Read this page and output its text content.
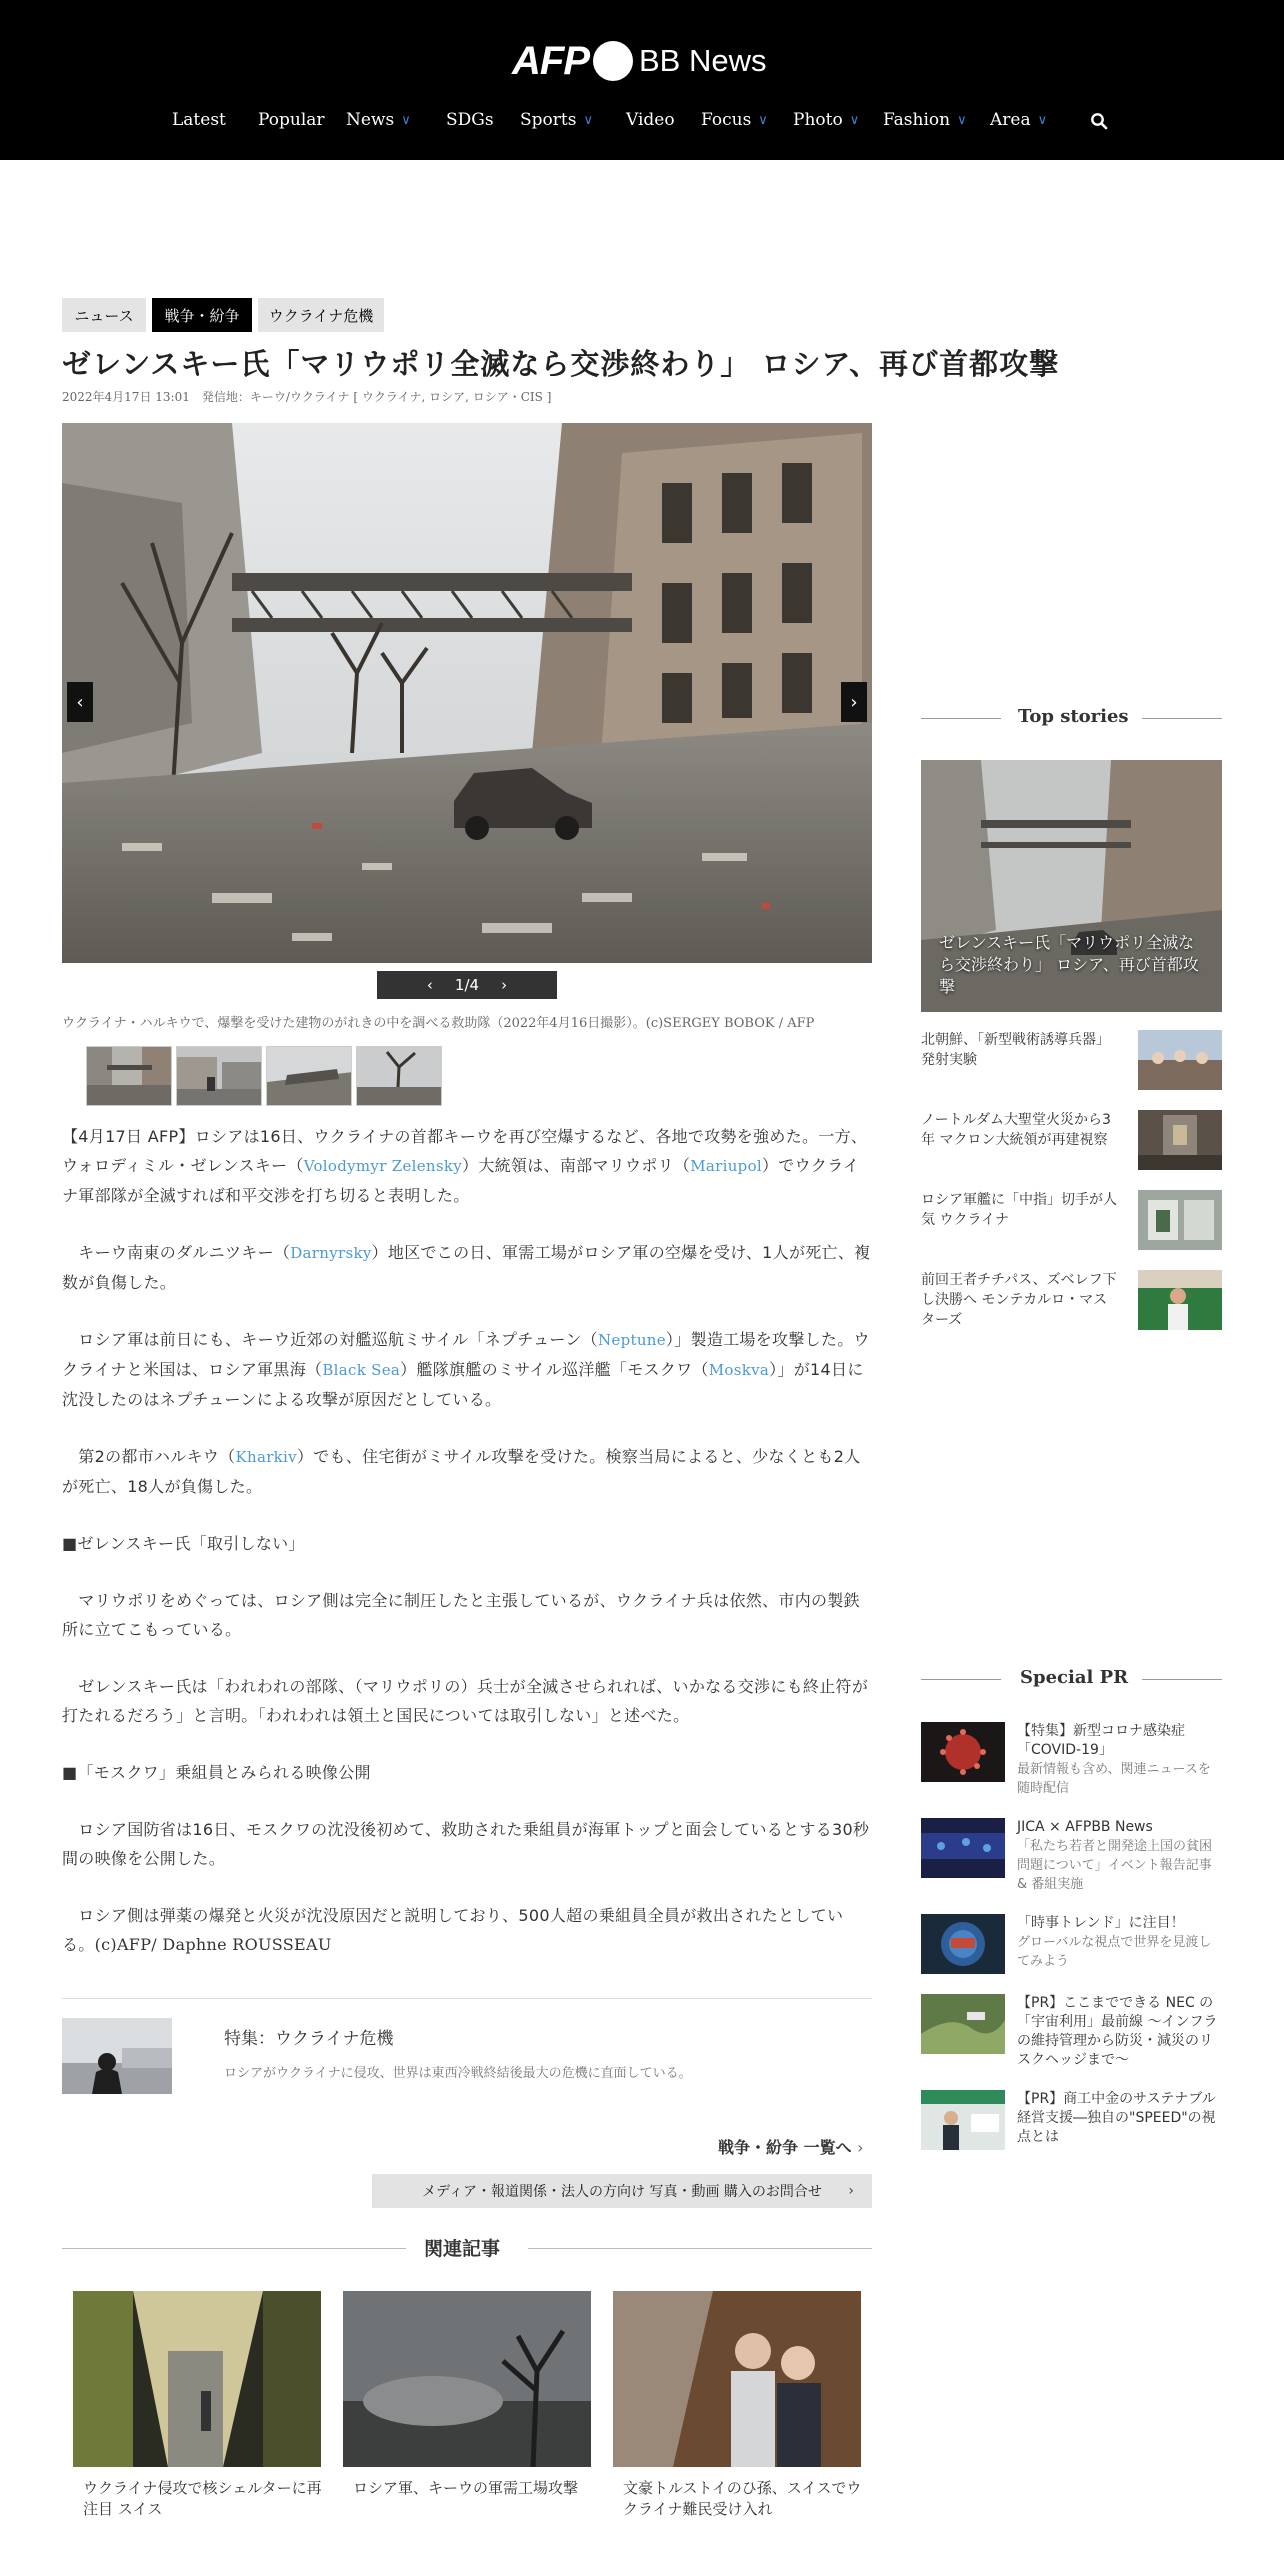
AFP BB News
Latest Popular News ∨ SDGs Sports ∨ Video Focus ∨ Photo ∨ Fashion ∨ Area ∨
ニュース	戦争・紛争	ウクライナ危機
ゼレンスキー氏「マリウポリ全滅なら交渉終わり」 ロシア、再び首都攻撃
2022年4月17日 13:01　発信地：キーウ/ウクライナ [ ウクライナ, ロシア, ロシア・CIS ]
‹	›
‹ 1/4 ›
ウクライナ・ハルキウで、爆撃を受けた建物のがれきの中を調べる救助隊（2022年4月16日撮影）。(c)SERGEY BOBOK / AFP

【4月17日 AFP】ロシアは16日、ウクライナの首都キーウを再び空爆するなど、各地で攻勢を強めた。一方、ウォロディミル・ゼレンスキー（Volodymyr Zelensky）大統領は、南部マリウポリ（Mariupol）でウクライナ軍部隊が全滅すれば和平交渉を打ち切ると表明した。

　キーウ南東のダルニツキー（Darnyrsky）地区でこの日、軍需工場がロシア軍の空爆を受け、1人が死亡、複数が負傷した。

　ロシア軍は前日にも、キーウ近郊の対艦巡航ミサイル「ネプチューン（Neptune）」製造工場を攻撃した。ウクライナと米国は、ロシア軍黒海（Black Sea）艦隊旗艦のミサイル巡洋艦「モスクワ（Moskva）」が14日に沈没したのはネプチューンによる攻撃が原因だとしている。

　第2の都市ハルキウ（Kharkiv）でも、住宅街がミサイル攻撃を受けた。検察当局によると、少なくとも2人が死亡、18人が負傷した。

■ゼレンスキー氏「取引しない」

　マリウポリをめぐっては、ロシア側は完全に制圧したと主張しているが、ウクライナ兵は依然、市内の製鉄所に立てこもっている。

　ゼレンスキー氏は「われわれの部隊、（マリウポリの）兵士が全滅させられれば、いかなる交渉にも終止符が打たれるだろう」と言明。「われわれは領土と国民については取引しない」と述べた。

■「モスクワ」乗組員とみられる映像公開

　ロシア国防省は16日、モスクワの沈没後初めて、救助された乗組員が海軍トップと面会しているとする30秒間の映像を公開した。

　ロシア側は弾薬の爆発と火災が沈没原因だと説明しており、500人超の乗組員全員が救出されたとしている。(c)AFP/ Daphne ROUSSEAU

特集：ウクライナ危機
ロシアがウクライナに侵攻、世界は東西冷戦終結後最大の危機に直面している。
戦争・紛争 一覧へ ›
メディア・報道関係・法人の方向け 写真・動画 購入のお問合せ ›
関連記事
ウクライナ侵攻で核シェルターに再注目 スイス
ロシア軍、キーウの軍需工場攻撃	文豪トルストイのひ孫、スイスでウクライナ難民受け入れ
Top stories
ゼレンスキー氏「マリウポリ全滅なら交渉終わり」 ロシア、再び首都攻撃
北朝鮮、「新型戦術誘導兵器」発射実験
ノートルダム大聖堂火災から3年 マクロン大統領が再建視察
ロシア軍艦に「中指」切手が人気 ウクライナ
前回王者チチパス、ズベレフ下し決勝へ モンテカルロ・マスターズ
Special PR
【特集】新型コロナ感染症「COVID-19」
最新情報も含め、関連ニュースを随時配信
JICA × AFPBB News
「私たち若者と開発途上国の貧困問題について」イベント報告記事 & 番組実施
「時事トレンド」に注目！
グローバルな視点で世界を見渡してみよう
【PR】ここまでできる NEC の「宇宙利用」最前線 ～インフラの維持管理から防災・減災のリスクヘッジまで～
【PR】商工中金のサステナブル経営支援―独自の"SPEED"の視点とは
